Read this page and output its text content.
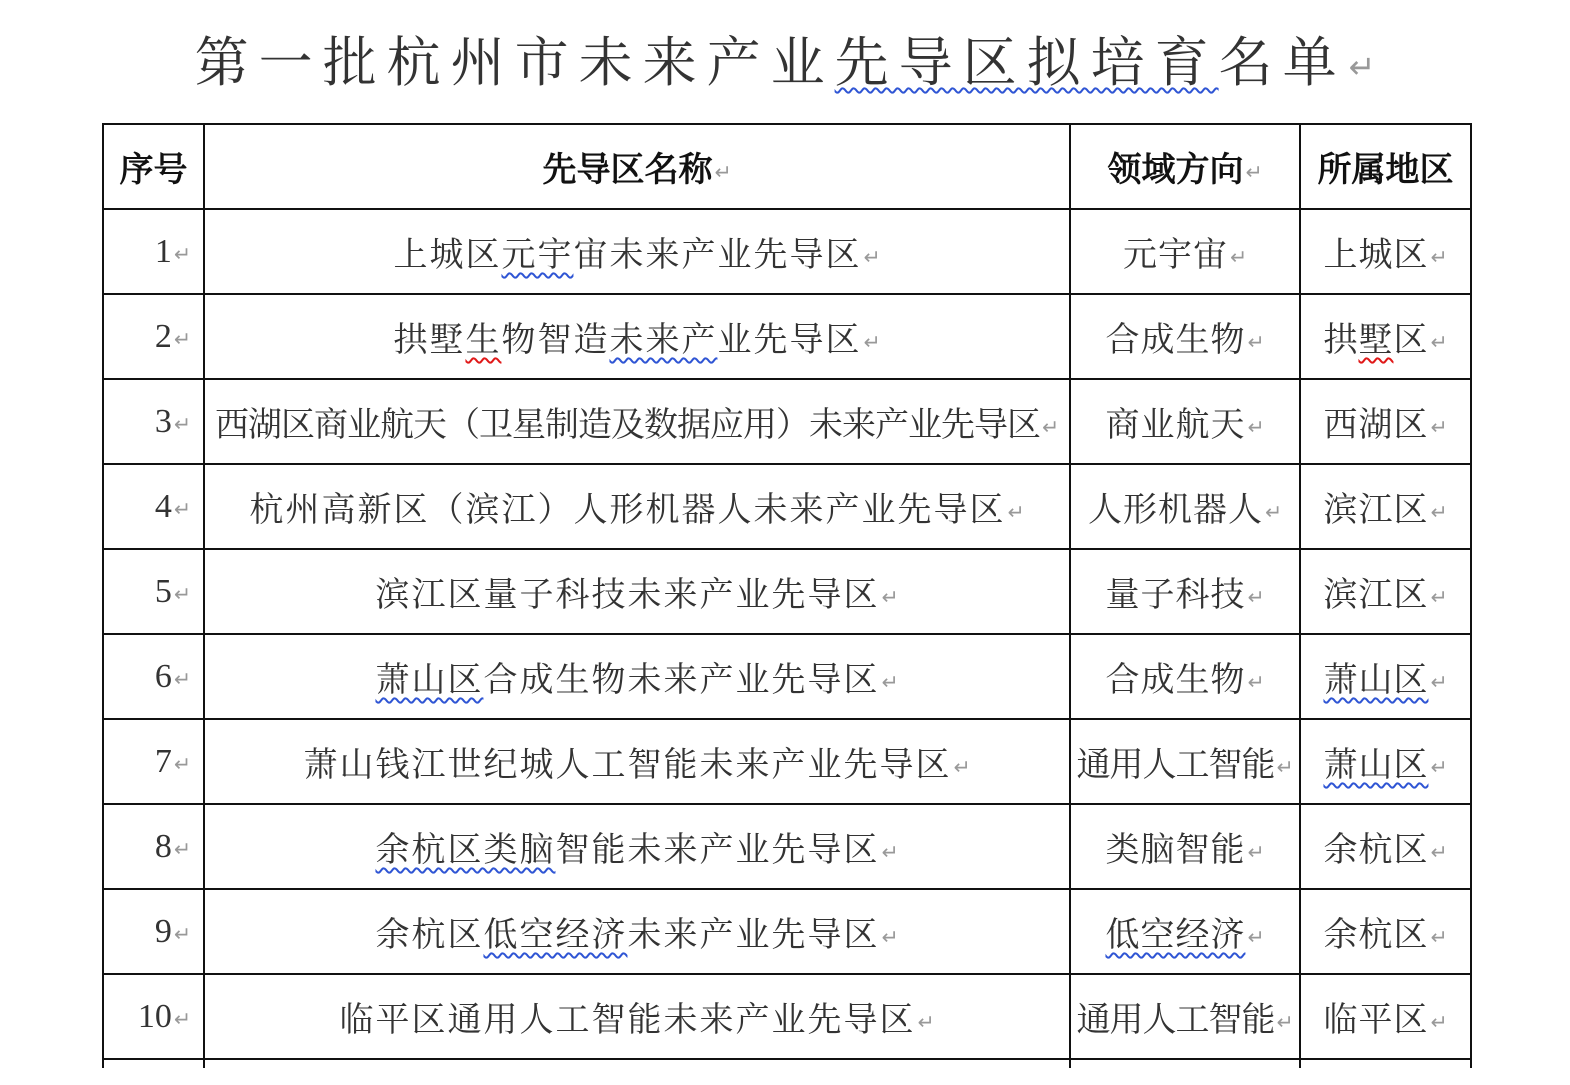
第一批杭州市未来产业先导区拟培育名单↵
序号	先导区名称↵	领域方向↵	所属地区
1↵	上城区元宇宙未来产业先导区↵	元宇宙↵	上城区↵
2↵	拱墅生物智造未来产业先导区↵	合成生物↵	拱墅区↵
3↵	西湖区商业航天（卫星制造及数据应用）未来产业先导区↵	商业航天↵	西湖区↵
4↵	杭州高新区（滨江）人形机器人未来产业先导区↵	人形机器人↵	滨江区↵
5↵	滨江区量子科技未来产业先导区↵	量子科技↵	滨江区↵
6↵	萧山区合成生物未来产业先导区↵	合成生物↵	萧山区↵
7↵	萧山钱江世纪城人工智能未来产业先导区↵	通用人工智能↵	萧山区↵
8↵	余杭区类脑智能未来产业先导区↵	类脑智能↵	余杭区↵
9↵	余杭区低空经济未来产业先导区↵	低空经济↵	余杭区↵
10↵	临平区通用人工智能未来产业先导区↵	通用人工智能↵	临平区↵
